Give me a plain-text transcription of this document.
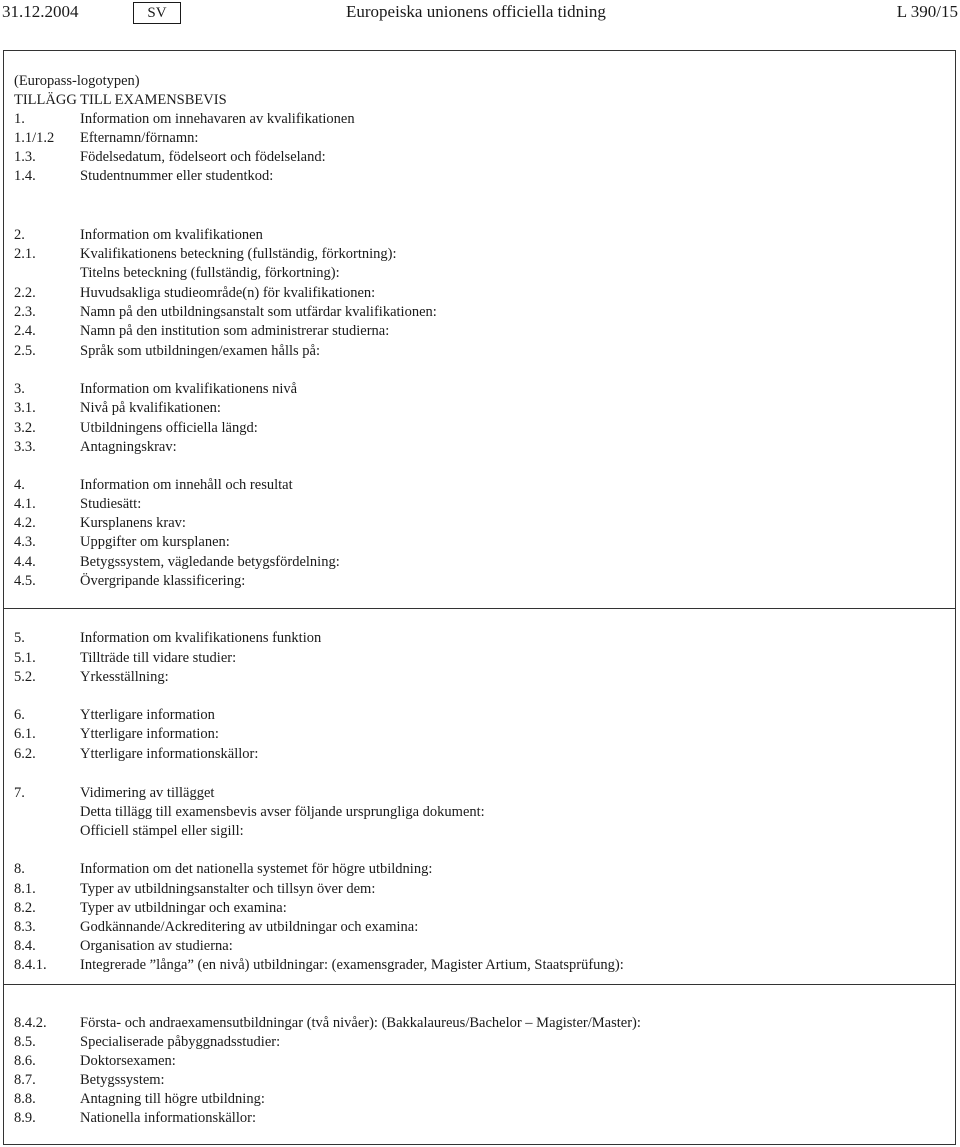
31.12.2004	SV	Europeiska unionens officiella tidning	L 390/15
(Europass-logotypen)
TILLÄGG TILL EXAMENSBEVIS
1.	Information om innehavaren av kvalifikationen
1.1/1.2 Efternamn/förnamn:
1.3.	Födelsedatum, födelseort och födelseland:
1.4.	Studentnummer eller studentkod:
2.	Information om kvalifikationen
2.1.	Kvalifikationens beteckning (fullständig, förkortning):
Titelns beteckning (fullständig, förkortning):
2.2.	Huvudsakliga studieområde(n) för kvalifikationen:
2.3.	Namn på den utbildningsanstalt som utfärdar kvalifikationen:
2.4.	Namn på den institution som administrerar studierna:
2.5.	Språk som utbildningen/examen hålls på:
3.	Information om kvalifikationens nivå
3.1.	Nivå på kvalifikationen:
3.2.	Utbildningens officiella längd:
3.3.	Antagningskrav:
4.	Information om innehåll och resultat
4.1.	Studiesätt:
4.2.	Kursplanens krav:
4.3.	Uppgifter om kursplanen:
4.4.	Betygssystem, vägledande betygsfördelning:
4.5.	Övergripande klassificering:
5.	Information om kvalifikationens funktion
5.1.	Tillträde till vidare studier:
5.2.	Yrkesställning:
6.	Ytterligare information
6.1.	Ytterligare information:
6.2.	Ytterligare informationskällor:
7.	Vidimering av tillägget
Detta tillägg till examensbevis avser följande ursprungliga dokument:
Officiell stämpel eller sigill:
8.	Information om det nationella systemet för högre utbildning:
8.1.	Typer av utbildningsanstalter och tillsyn över dem:
8.2.	Typer av utbildningar och examina:
8.3.	Godkännande/Ackreditering av utbildningar och examina:
8.4.	Organisation av studierna:
8.4.1. Integrerade ”långa” (en nivå) utbildningar: (examensgrader, Magister Artium, Staatsprüfung):
8.4.2. Första- och andraexamensutbildningar (två nivåer): (Bakkalaureus/Bachelor – Magister/Master):
8.5.	Specialiserade påbyggnadsstudier:
8.6.	Doktorsexamen:
8.7.	Betygssystem:
8.8.	Antagning till högre utbildning:
8.9.	Nationella informationskällor:
